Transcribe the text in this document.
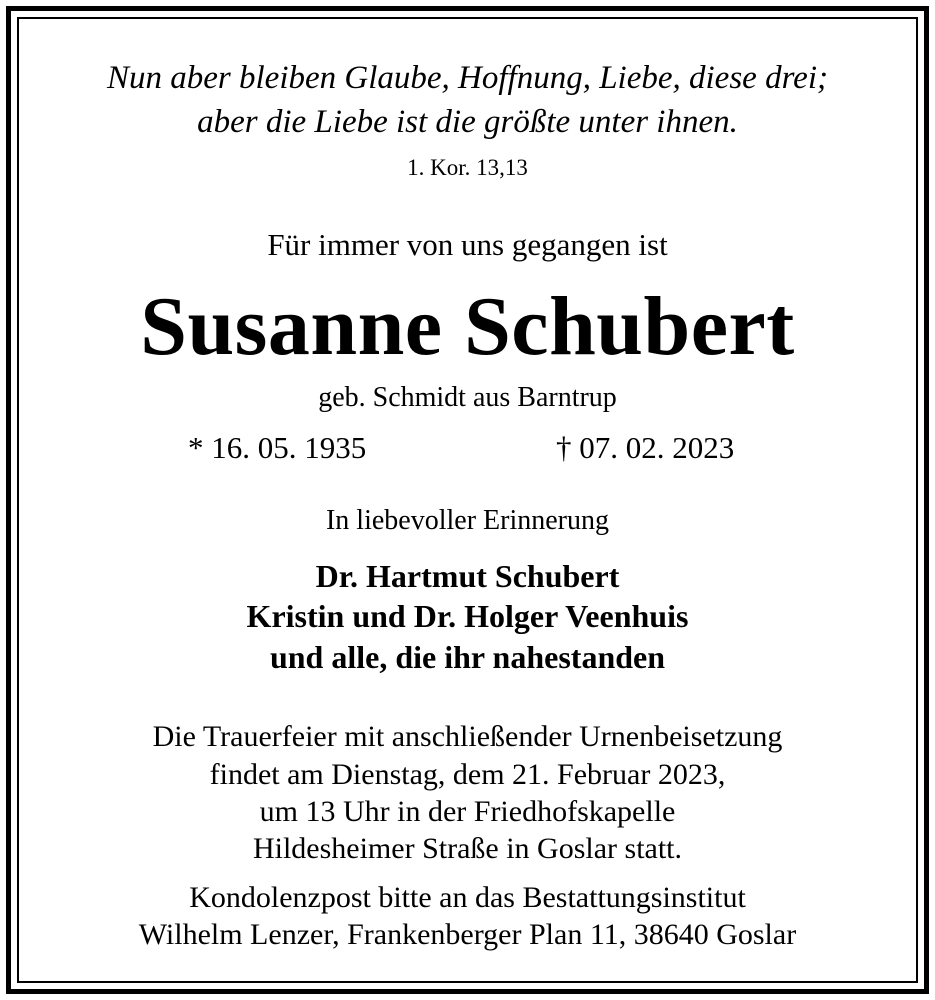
Nun aber bleiben Glaube, Hoffnung, Liebe, diese drei;
aber die Liebe ist die größte unter ihnen.
1. Kor. 13,13
Für immer von uns gegangen ist
Susanne Schubert
geb. Schmidt aus Barntrup
* 16. 05. 1935	† 07. 02. 2023
In liebevoller Erinnerung
Dr. Hartmut Schubert
Kristin und Dr. Holger Veenhuis
und alle, die ihr nahestanden
Die Trauerfeier mit anschließender Urnenbeisetzung
findet am Dienstag, dem 21. Februar 2023,
um 13 Uhr in der Friedhofskapelle
Hildesheimer Straße in Goslar statt.
Kondolenzpost bitte an das Bestattungsinstitut
Wilhelm Lenzer, Frankenberger Plan 11, 38640 Goslar
